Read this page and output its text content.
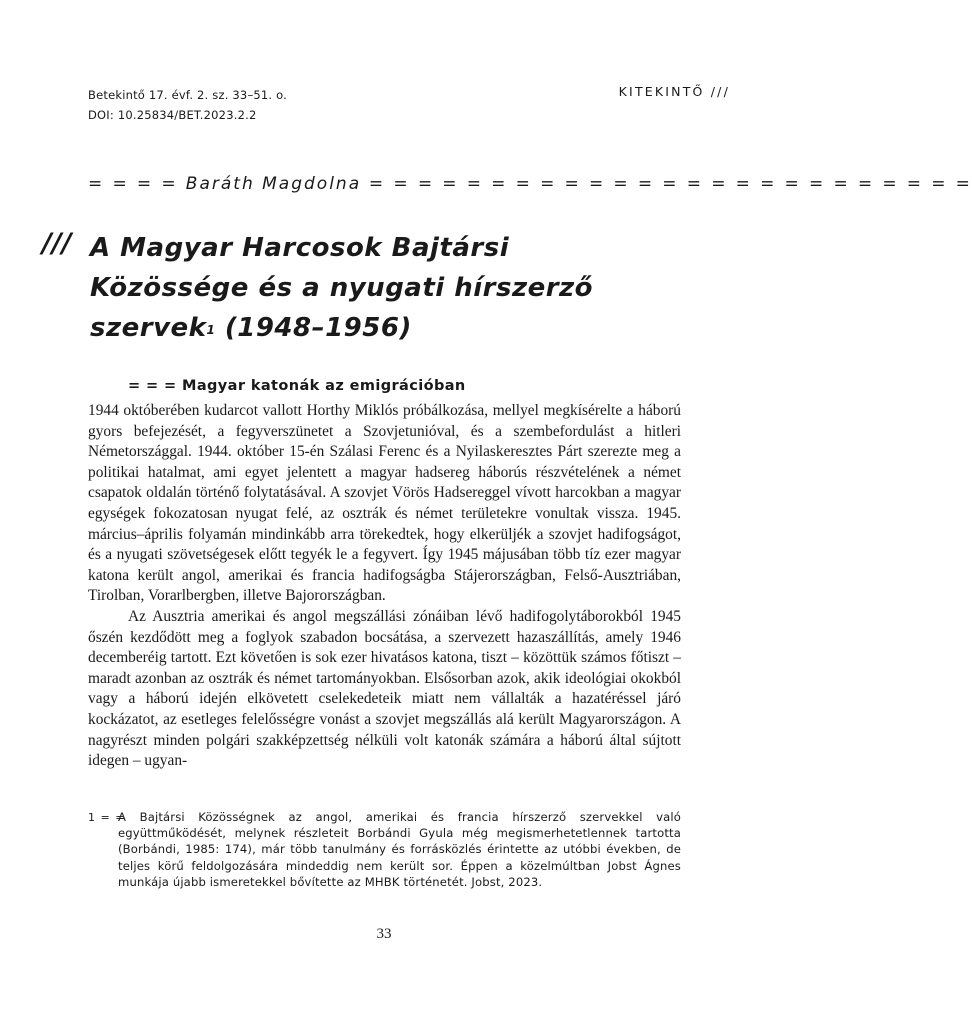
Betekintő 17. évf. 2. sz. 33–51. o.
DOI: 10.25834/BET.2023.2.2
KITEKINTŐ ///
= = = = Baráth Magdolna = = = = = = = = = = = = = = = = = = = = = = = = =
/// A Magyar Harcosok Bajtársi
Közössége és a nyugati hírszerző
szervek$^1$ (1948–1956)
= = = Magyar katonák az emigrációban

1944 októberében kudarcot vallott Horthy Miklós próbálkozása, mellyel megkísérelte a háború gyors befejezését, a fegyverszünetet a Szovjetunióval, és a szembefordulást a hitleri Németországgal. 1944. október 15-én Szálasi Ferenc és a Nyilaskeresztes Párt szerezte meg a politikai hatalmat, ami egyet jelentett a magyar hadsereg háborús részvételének a német csapatok oldalán történő folytatásával. A szovjet Vörös Hadsereggel vívott harcokban a magyar egységek fokozatosan nyugat felé, az osztrák és német területekre vonultak vissza. 1945. március–április folyamán mindinkább arra törekedtek, hogy elkerüljék a szovjet hadifogságot, és a nyugati szövetségesek előtt tegyék le a fegyvert. Így 1945 májusában több tíz ezer magyar katona került angol, amerikai és francia hadifogságba Stájerországban, Felső-Ausztriában, Tirolban, Vorarlbergben, illetve Bajorországban.

Az Ausztria amerikai és angol megszállási zónáiban lévő hadifogolytáborokból 1945 őszén kezdődött meg a foglyok szabadon bocsátása, a szervezett hazaszállítás, amely 1946 decemberéig tartott. Ezt követően is sok ezer hivatásos katona, tiszt – közöttük számos főtiszt – maradt azonban az osztrák és német tartományokban. Elsősorban azok, akik ideológiai okokból vagy a háború idején elkövetett cselekedeteik miatt nem vállalták a hazatéréssel járó kockázatot, az esetleges felelősségre vonást a szovjet megszállás alá került Magyarországon. A nagyrészt minden polgári szakképzettség nélküli volt katonák számára a háború által sújtott idegen – ugyan-

1 = =
A Bajtársi Közösségnek az angol, amerikai és francia hírszerző szervekkel való együttműködését, melynek részleteit Borbándi Gyula még megismerhetetlennek tartotta (Borbándi, 1985: 174), már több tanulmány és forrásközlés érintette az utóbbi években, de teljes körű feldolgozására mindeddig nem került sor. Éppen a közelmúltban Jobst Ágnes munkája újabb ismeretekkel bővítette az MHBK történetét. Jobst, 2023.
33
